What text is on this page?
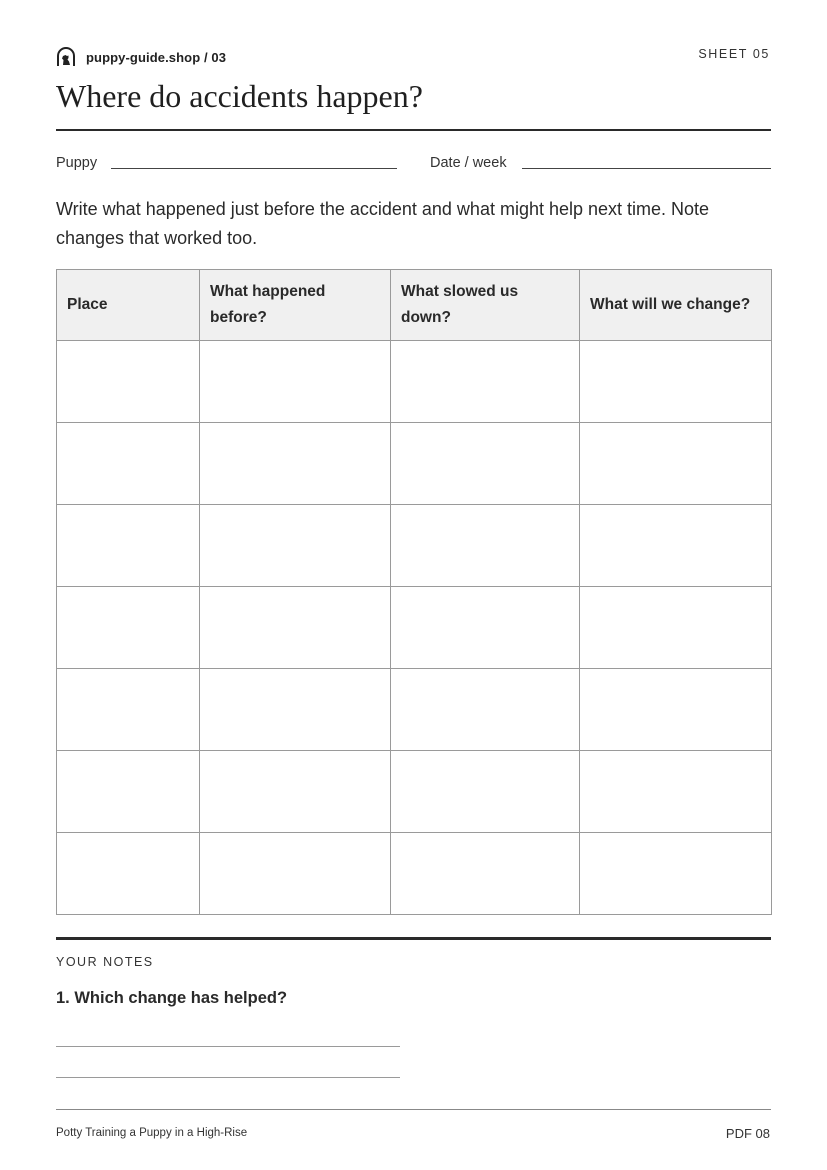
puppy-guide.shop / 03	SHEET 05
Where do accidents happen?
Puppy	Date / week
Write what happened just before the accident and what might help next time. Note changes that worked too.
Place	What happened before?	What slowed us down?	What will we change?

YOUR NOTES
1. Which change has helped?
Potty Training a Puppy in a High-Rise	PDF 08
